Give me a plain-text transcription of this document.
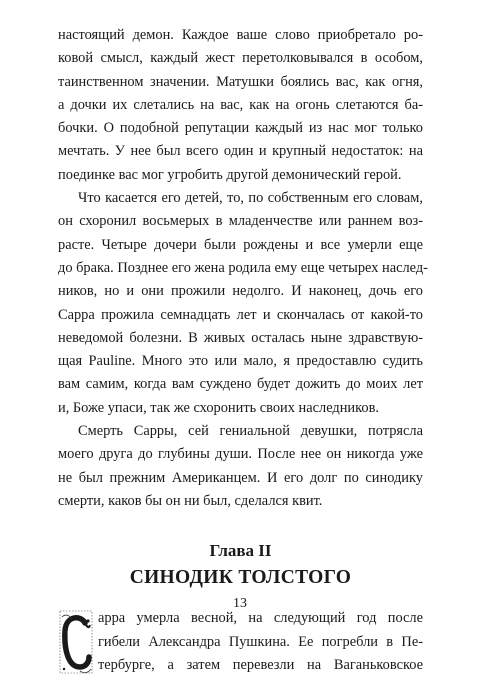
настоящий демон. Каждое ваше слово приобретало ро-
ковой смысл, каждый жест перетолковывался в особом,
таинственном значении. Матушки боялись вас, как огня,
а дочки их слетались на вас, как на огонь слетаются ба-
бочки. О подобной репутации каждый из нас мог только
мечтать. У нее был всего один и крупный недостаток: на
поединке вас мог угробить другой демонический герой.

Что касается его детей, то, по собственным его словам,
он схоронил восьмерых в младенчестве или раннем воз-
расте. Четыре дочери были рождены и все умерли еще
до брака. Позднее его жена родила ему еще четырех наслед-
ников, но и они прожили недолго. И наконец, дочь его
Сарра прожила семнадцать лет и скончалась от какой-то
неведомой болезни. В живых осталась ныне здравствую-
щая Pauline. Много это или мало, я предоставлю судить
вам самим, когда вам суждено будет дожить до моих лет
и, Боже упаси, так же схоронить своих наследников.

Смерть Сарры, сей гениальной девушки, потрясла
моего друга до глубины души. После нее он никогда уже
не был прежним Американцем. И его долг по синодику
смерти, каков бы он ни был, сделался квит.

Глава II
СИНОДИК ТОЛСТОГО
арра умерла весной, на следующий год после
гибели Александра Пушкина. Ее погребли в Пе-
тербурге, а затем перевезли на Ваганьковское
13
